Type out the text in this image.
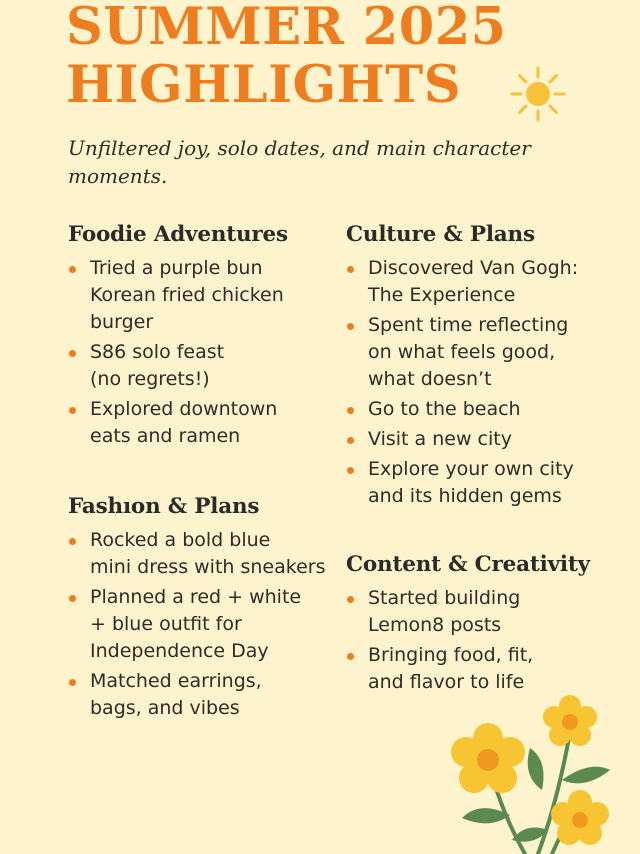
SUMMER 2025
HIGHLIGHTS

Unfiltered joy, solo dates, and main character moments.

Foodie Adventures
Tried a purple bun
Korean fried chicken
burger
S86 solo feast
(no regrets!)
Explored downtown
eats and ramen
Fashıon & Plans
Rocked a bold blue
mini dress with sneakers
Planned a red + white
+ blue outfit for
Independence Day
Matched earrings,
bags, and vibes
Culture & Plans
Discovered Van Gogh:
The Experience
Spent time reflecting
on what feels good,
what doesn’t
Go to the beach
Visit a new city
Explore your own city
and its hidden gems
Content & Creativity
Started building
Lemon8 posts
Bringing food, fit,
and flavor to life
